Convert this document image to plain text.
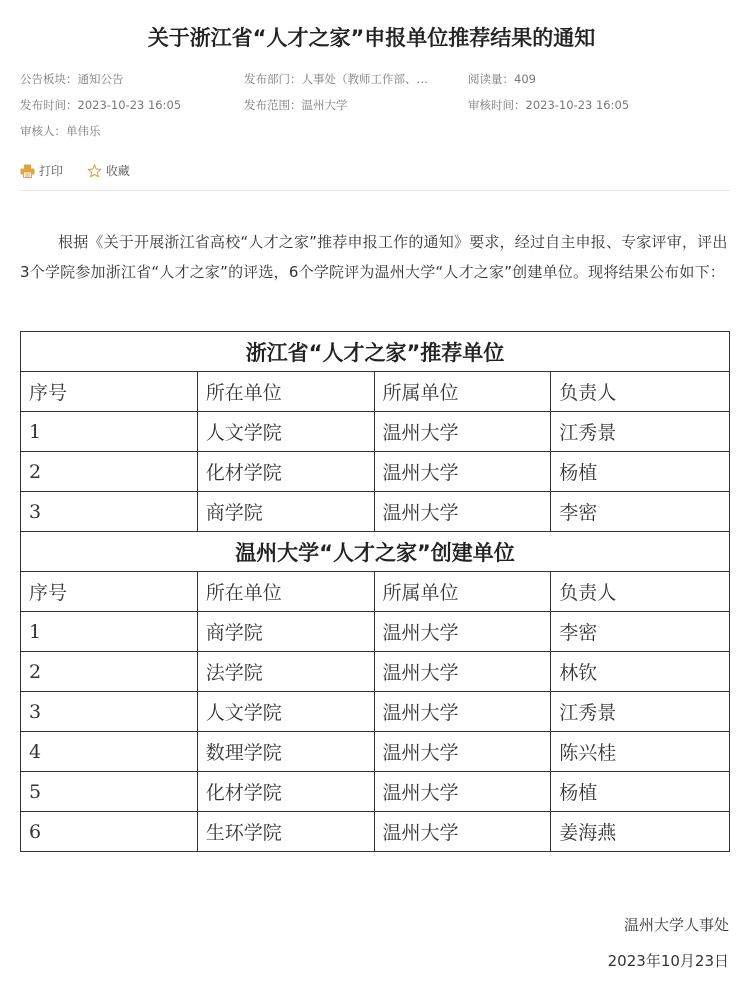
关于浙江省“人才之家”申报单位推荐结果的通知
公告板块：通知公告	发布部门：人事处（教师工作部、…	阅读量：409
发布时间：2023-10-23 16:05	发布范围：温州大学	审核时间：2023-10-23 16:05
审核人：单伟乐
打印
	收藏
根据《关于开展浙江省高校“人才之家”推荐申报工作的通知》要求，经过自主申报、专家评审，评出3个学院参加浙江省“人才之家”的评选，6个学院评为温州大学“人才之家”创建单位。现将结果公布如下：
浙江省“人才之家”推荐单位			
序号	所在单位	所属单位	负责人
1	人文学院	温州大学	江秀景
2	化材学院	温州大学	杨植
3	商学院	温州大学	李密
温州大学“人才之家”创建单位			
序号	所在单位	所属单位	负责人
1	商学院	温州大学	李密
2	法学院	温州大学	林钦
3	人文学院	温州大学	江秀景
4	数理学院	温州大学	陈兴桂
5	化材学院	温州大学	杨植
6	生环学院	温州大学	姜海燕
温州大学人事处
2023年10月23日
